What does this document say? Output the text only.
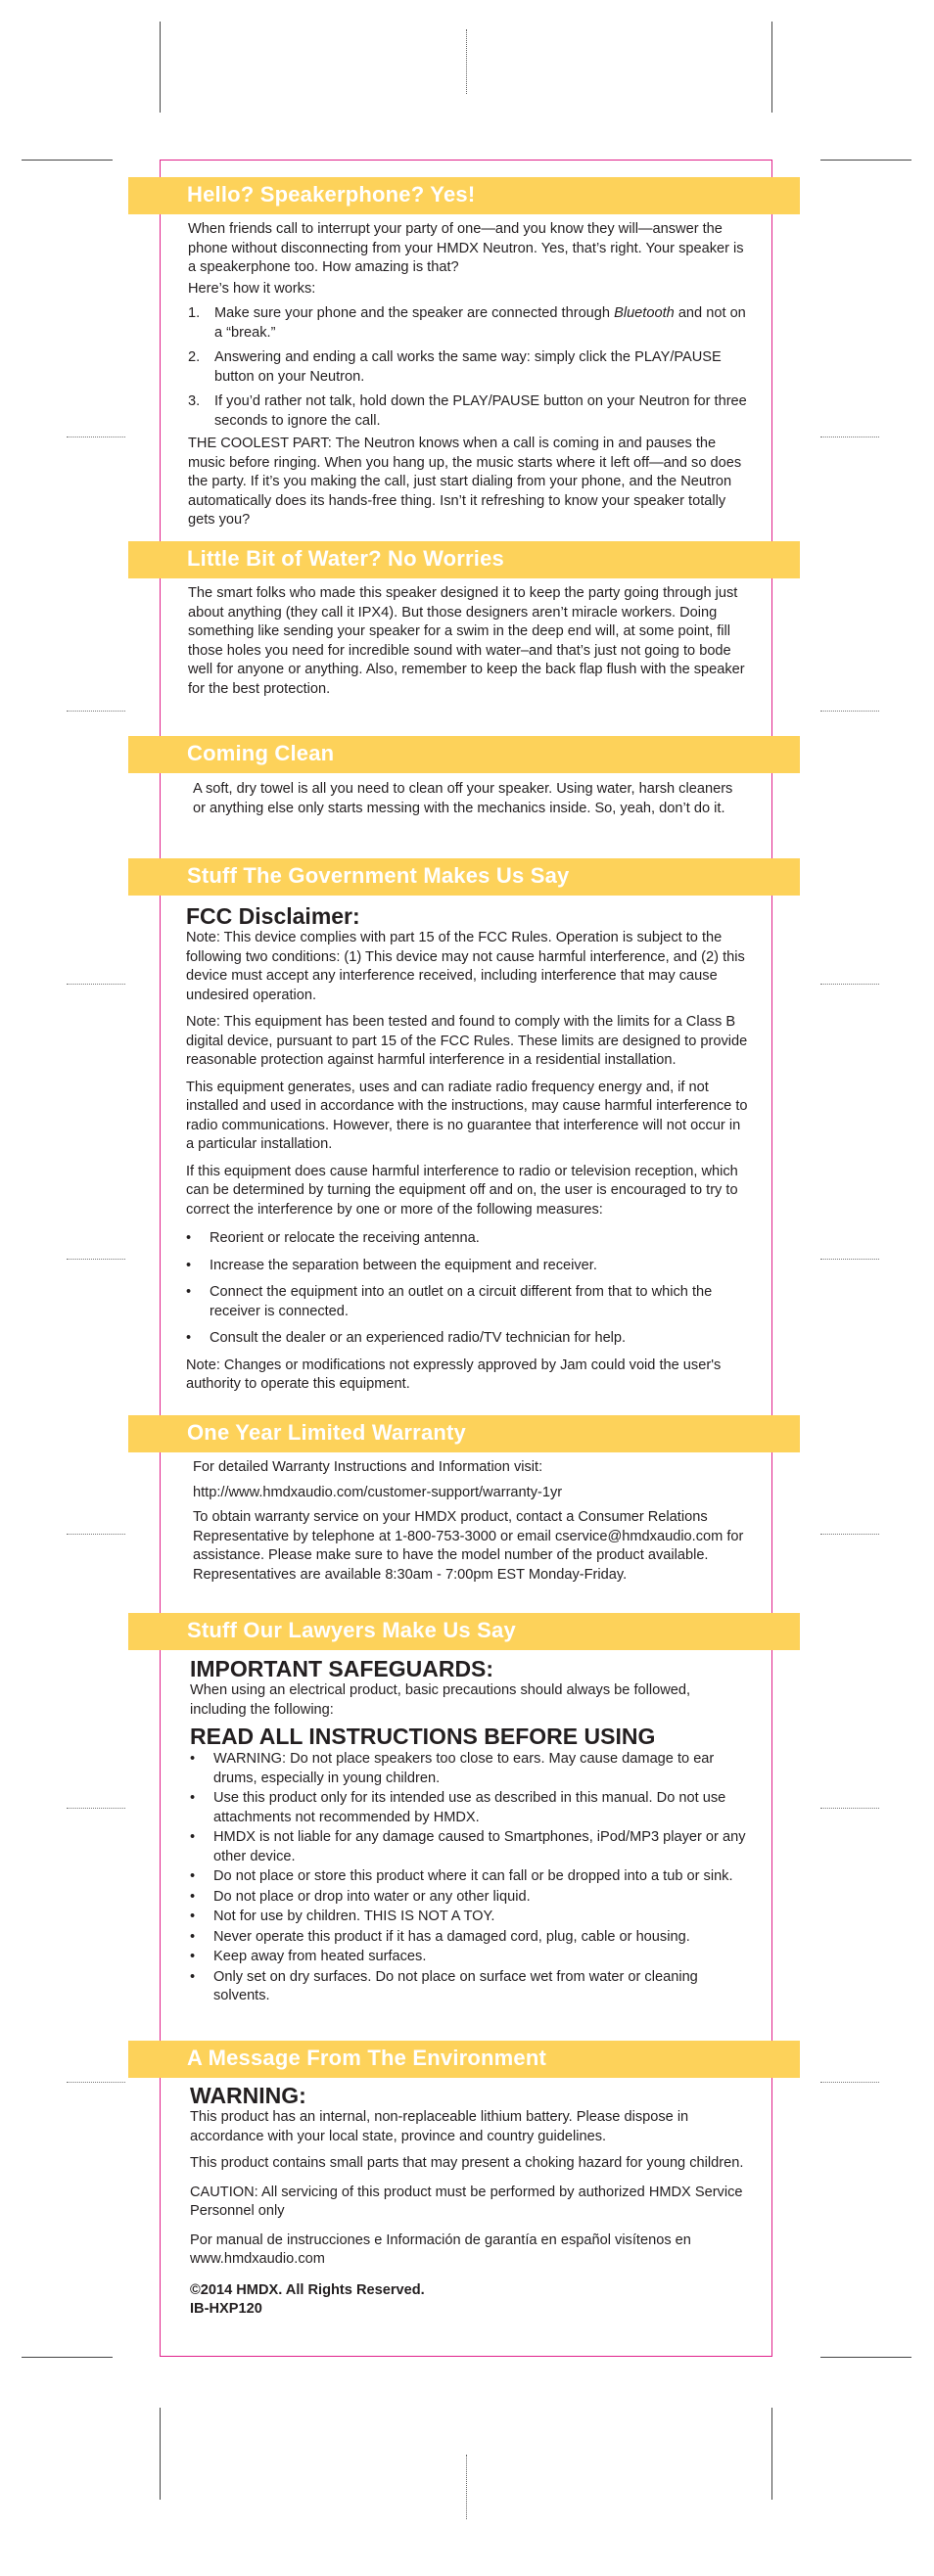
Hello? Speakerphone? Yes!

When friends call to interrupt your party of one—and you know they will—answer the phone without disconnecting from your HMDX Neutron. Yes, that’s right. Your speaker is a speakerphone too. How amazing is that?

Here’s how it works:

1. Make sure your phone and the speaker are connected through Bluetooth and not on a “break.”
2. Answering and ending a call works the same way: simply click the PLAY/PAUSE button on your Neutron.
3. If you’d rather not talk, hold down the PLAY/PAUSE button on your Neutron for three seconds to ignore the call.

THE COOLEST PART: The Neutron knows when a call is coming in and pauses the music before ringing. When you hang up, the music starts where it left off—and so does the party. If it’s you making the call, just start dialing from your phone, and the Neutron automatically does its hands-free thing. Isn’t it refreshing to know your speaker totally gets you?

Little Bit of Water? No Worries

The smart folks who made this speaker designed it to keep the party going through just about anything (they call it IPX4). But those designers aren’t miracle workers. Doing something like sending your speaker for a swim in the deep end will, at some point, fill those holes you need for incredible sound with water–and that’s just not going to bode well for anyone or anything. Also, remember to keep the back flap flush with the speaker for the best protection.

Coming Clean

A soft, dry towel is all you need to clean off your speaker. Using water, harsh cleaners or anything else only starts messing with the mechanics inside. So, yeah, don’t do it.

Stuff The Government Makes Us Say

FCC Disclaimer:

Note: This device complies with part 15 of the FCC Rules. Operation is subject to the following two conditions: (1) This device may not cause harmful interference, and (2) this device must accept any interference received, including interference that may cause undesired operation.

Note: This equipment has been tested and found to comply with the limits for a Class B digital device, pursuant to part 15 of the FCC Rules. These limits are designed to provide reasonable protection against harmful interference in a residential installation.

This equipment generates, uses and can radiate radio frequency energy and, if not installed and used in accordance with the instructions, may cause harmful interference to radio communications. However, there is no guarantee that interference will not occur in a particular installation.

If this equipment does cause harmful interference to radio or television reception, which can be determined by turning the equipment off and on, the user is encouraged to try to correct the interference by one or more of the following measures:

• Reorient or relocate the receiving antenna.
• Increase the separation between the equipment and receiver.
• Connect the equipment into an outlet on a circuit different from that to which the receiver is connected.
• Consult the dealer or an experienced radio/TV technician for help.

Note: Changes or modifications not expressly approved by Jam could void the user's authority to operate this equipment.

One Year Limited Warranty

For detailed Warranty Instructions and Information visit:

http://www.hmdxaudio.com/customer-support/warranty-1yr

To obtain warranty service on your HMDX product, contact a Consumer Relations Representative by telephone at 1-800-753-3000 or email cservice@hmdxaudio.com for assistance. Please make sure to have the model number of the product available. Representatives are available 8:30am - 7:00pm EST Monday-Friday.

Stuff Our Lawyers Make Us Say

IMPORTANT SAFEGUARDS:

When using an electrical product, basic precautions should always be followed, including the following:

READ ALL INSTRUCTIONS BEFORE USING

• WARNING: Do not place speakers too close to ears. May cause damage to ear drums, especially in young children.
• Use this product only for its intended use as described in this manual. Do not use attachments not recommended by HMDX.
• HMDX is not liable for any damage caused to Smartphones, iPod/MP3 player or any other device.
• Do not place or store this product where it can fall or be dropped into a tub or sink.
• Do not place or drop into water or any other liquid.
• Not for use by children. THIS IS NOT A TOY.
• Never operate this product if it has a damaged cord, plug, cable or housing.
• Keep away from heated surfaces.
• Only set on dry surfaces. Do not place on surface wet from water or cleaning solvents.
A Message From The Environment

WARNING:

This product has an internal, non-replaceable lithium battery. Please dispose in accordance with your local state, province and country guidelines.

This product contains small parts that may present a choking hazard for young children.

CAUTION: All servicing of this product must be performed by authorized HMDX Service Personnel only

Por manual de instrucciones e Información de garantía en español visítenos en www.hmdxaudio.com

©2014 HMDX. All Rights Reserved.

IB-HXP120
